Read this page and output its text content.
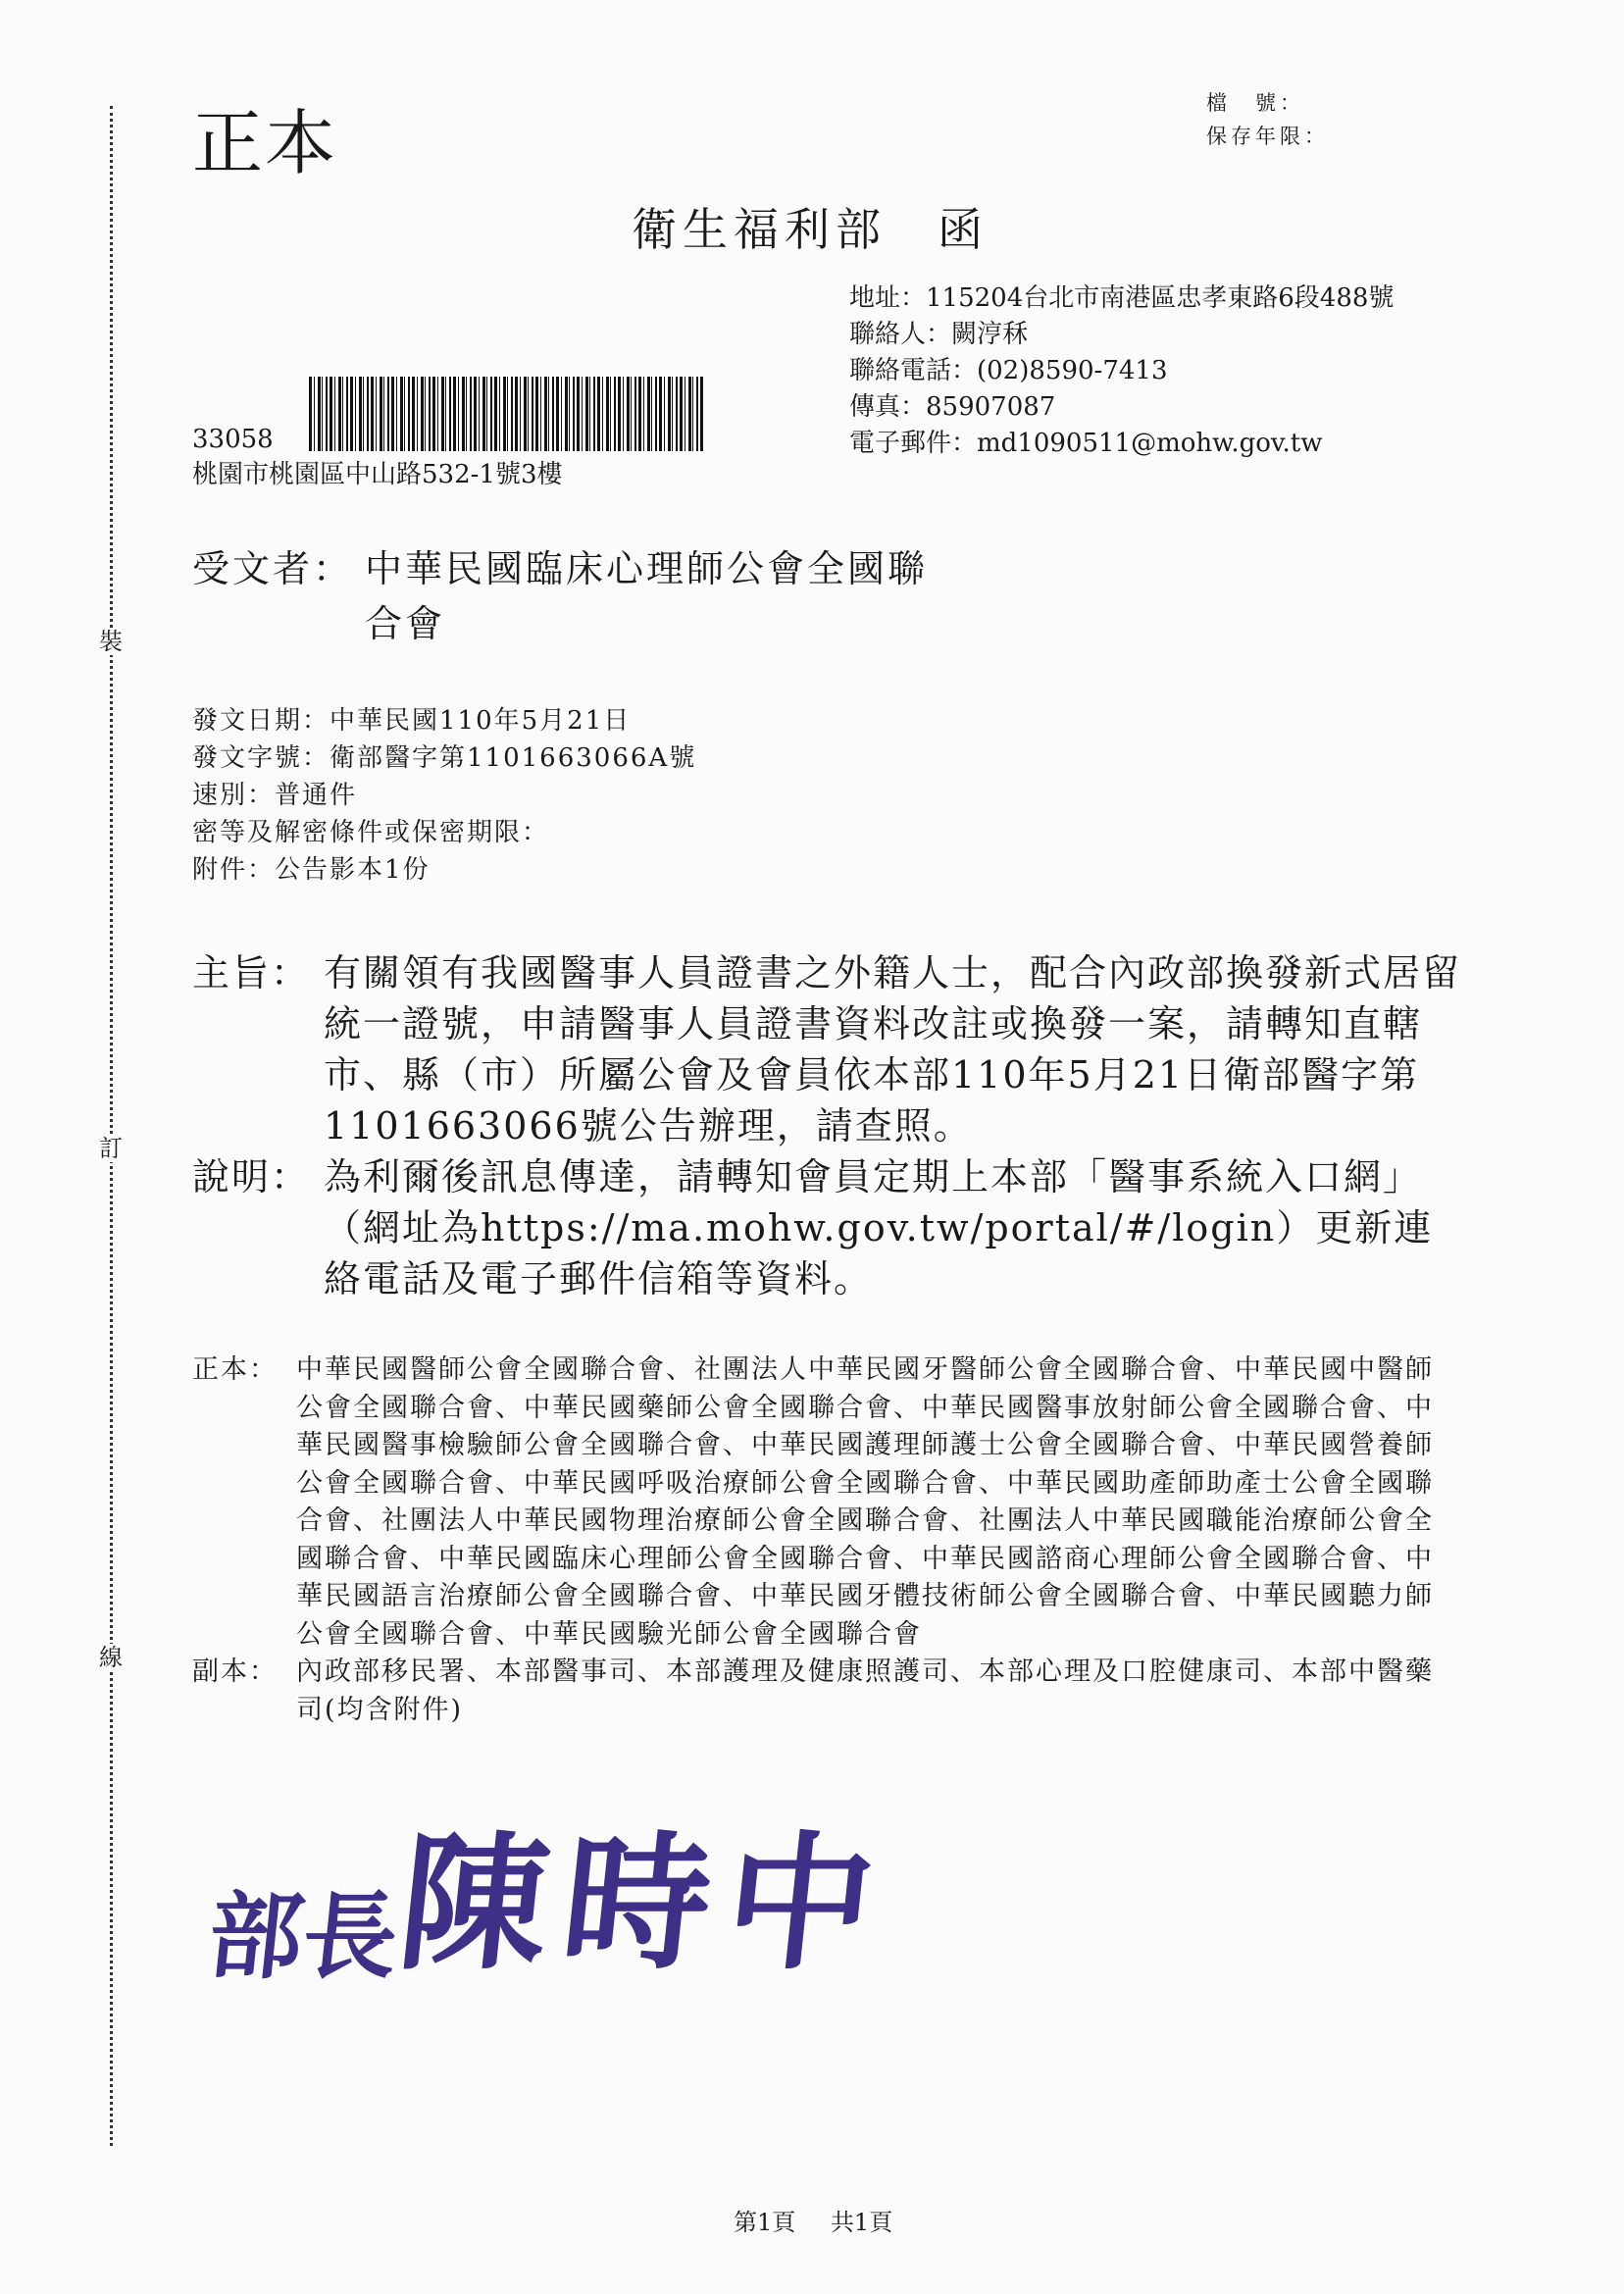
裝
訂
線
正本	檔　號：
保存年限：
衛生福利部　函
地址：115204台北市南港區忠孝東路6段488號
聯絡人：闕涥秝
聯絡電話：(02)8590-7413
傳真：85907087
電子郵件：md1090511@mohw.gov.tw
33058
桃園市桃園區中山路532-1號3樓
受文者： 中華民國臨床心理師公會全國聯
合會
發文日期：中華民國110年5月21日
發文字號：衛部醫字第1101663066A號
速別：普通件
密等及解密條件或保密期限：
附件：公告影本1份
主旨： 有關領有我國醫事人員證書之外籍人士，配合內政部換發新式居留統一證號，申請醫事人員證書資料改註或換發一案，請轉知直轄市、縣（市）所屬公會及會員依本部110年5月21日衛部醫字第1101663066號公告辦理，請查照。
說明： 為利爾後訊息傳達，請轉知會員定期上本部「醫事系統入口網」（網址為https://ma.mohw.gov.tw/portal/#/login）更新連絡電話及電子郵件信箱等資料。
正本： 中華民國醫師公會全國聯合會、社團法人中華民國牙醫師公會全國聯合會、中華民國中醫師公會全國聯合會、中華民國藥師公會全國聯合會、中華民國醫事放射師公會全國聯合會、中華民國醫事檢驗師公會全國聯合會、中華民國護理師護士公會全國聯合會、中華民國營養師公會全國聯合會、中華民國呼吸治療師公會全國聯合會、中華民國助產師助產士公會全國聯合會、社團法人中華民國物理治療師公會全國聯合會、社團法人中華民國職能治療師公會全國聯合會、中華民國臨床心理師公會全國聯合會、中華民國諮商心理師公會全國聯合會、中華民國語言治療師公會全國聯合會、中華民國牙體技術師公會全國聯合會、中華民國聽力師公會全國聯合會、中華民國驗光師公會全國聯合會
副本： 內政部移民署、本部醫事司、本部護理及健康照護司、本部心理及口腔健康司、本部中醫藥司(均含附件)
部長陳時中
第1頁 共1頁
